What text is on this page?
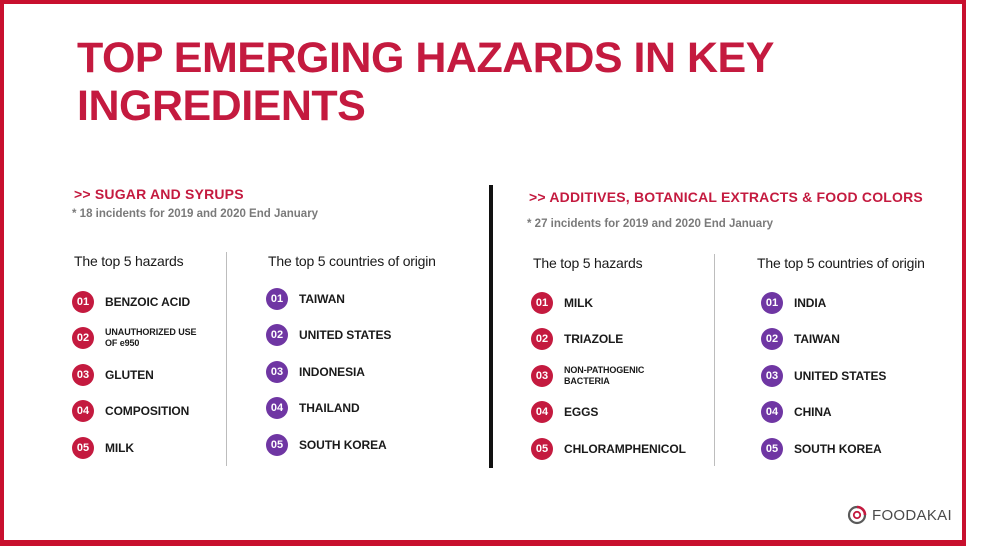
TOP EMERGING HAZARDS IN KEY INGREDIENTS

>> SUGAR AND SYRUPS

* 18 incidents for 2019 and 2020 End January

The top 5 hazards	The top 5 countries of origin

01	BENZOIC ACID
02	UNAUTHORIZED USE OF e950
03	GLUTEN
04	COMPOSITION
05	MILK
01	TAIWAN
02	UNITED STATES
03	INDONESIA
04	THAILAND
05	SOUTH KOREA

>> ADDITIVES, BOTANICAL EXTRACTS & FOOD COLORS

* 27 incidents for 2019 and 2020 End January

The top 5 hazards	The top 5 countries of origin

01	MILK
02	TRIAZOLE
03	NON-PATHOGENIC BACTERIA
04	EGGS
05	CHLORAMPHENICOL
01	INDIA
02	TAIWAN
03	UNITED STATES
04	CHINA
05	SOUTH KOREA
FOODAKAI
